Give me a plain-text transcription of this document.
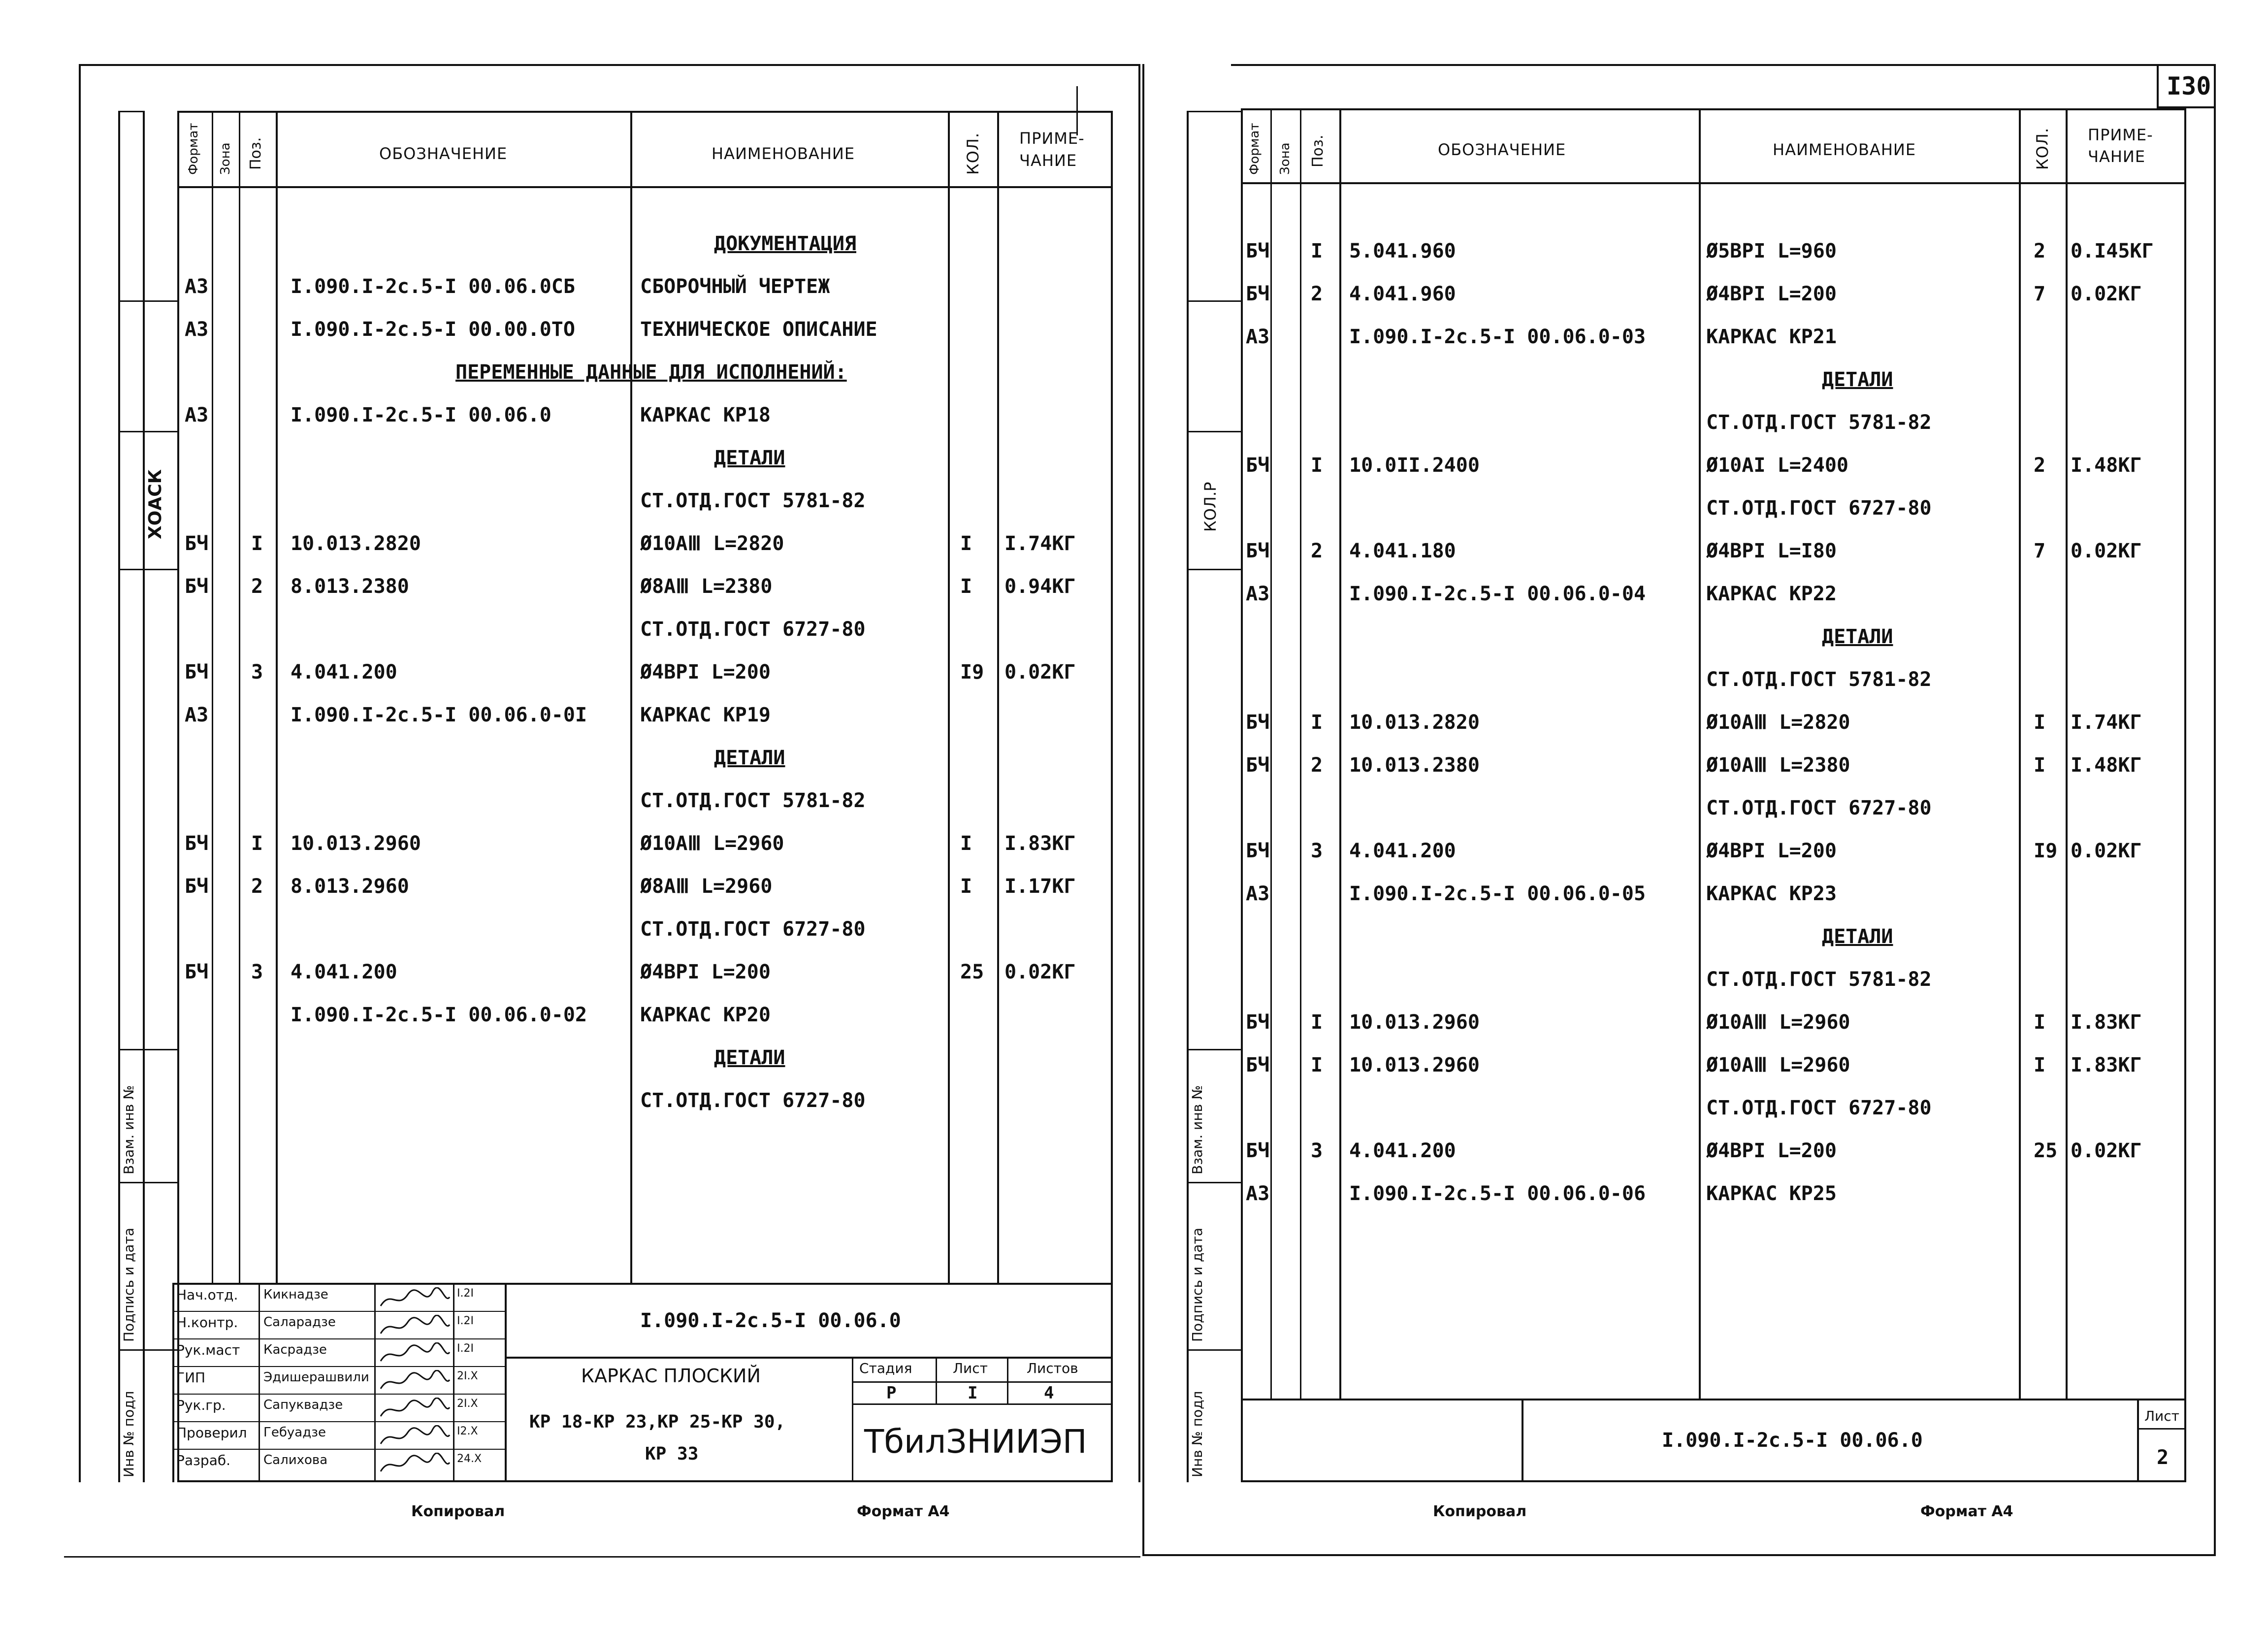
ХОАСК
Взам. инв №
Подпись и дата
Инв № подл
Формат Зона Поз.	ОБОЗНАЧЕНИЕ	НАИМЕНОВАНИЕ	КОЛ. ПРИМЕ-
ЧАНИЕ
ДОКУМЕНТАЦИЯ
А3	I.090.I-2c.5-I 00.06.0СБ	СБОРОЧНЫЙ ЧЕРТЕЖ
А3	I.090.I-2c.5-I 00.00.0ТО	ТЕХНИЧЕСКОЕ ОПИСАНИЕ
ПЕРЕМЕННЫЕ ДАННЫЕ ДЛЯ ИСПОЛНЕНИЙ:
А3	I.090.I-2c.5-I 00.06.0	КАРКАС КР18
ДЕТАЛИ
СТ.ОТД.ГОСТ 5781-82
БЧ I 10.013.2820	Ø10АⅢ L=2820	I I.74КГ
БЧ 2 8.013.2380	Ø8АⅢ L=2380	I 0.94КГ
СТ.ОТД.ГОСТ 6727-80
БЧ 3 4.041.200	Ø4ВРI L=200	I9 0.02КГ
А3	I.090.I-2c.5-I 00.06.0-0I	КАРКАС КР19
ДЕТАЛИ
СТ.ОТД.ГОСТ 5781-82
БЧ I 10.013.2960	Ø10АⅢ L=2960	I I.83КГ
БЧ 2 8.013.2960	Ø8АⅢ L=2960	I I.17КГ
СТ.ОТД.ГОСТ 6727-80
БЧ 3 4.041.200	Ø4ВРI L=200	25 0.02КГ
I.090.I-2c.5-I 00.06.0-02	КАРКАС КР20
ДЕТАЛИ
СТ.ОТД.ГОСТ 6727-80
Нач.отд. Кикнадзе	I.2I
Н.контр. Саларадзе	I.2I
Рук.маст Касрадзе	I.2I
ГИП	Эдишерашвили	2I.Х
Рук.гр.	Сапуквадзе	2I.Х
Проверил Гебуадзе	I2.Х
Разраб.	Салихова	24.Х
I.090.I-2c.5-I 00.06.0
КАРКАС ПЛОСКИЙ
КР 18-КР 23,КР 25-КР 30,
КР 33
Стадия	Лист	Листов
Р	I	4
ТбилЗНИИЭП
Копировал	Формат А4
I30
КОЛ.Р
Взам. инв №
Подпись и дата
Инв № подл
Формат Зона Поз.	ОБОЗНАЧЕНИЕ	НАИМЕНОВАНИЕ	КОЛ. ПРИМЕ-
ЧАНИЕ
БЧ I 5.041.960	Ø5ВРI L=960	2 0.I45КГ
БЧ 2 4.041.960	Ø4ВРI L=200	7 0.02КГ
А3	I.090.I-2c.5-I 00.06.0-03	КАРКАС КР21
ДЕТАЛИ
СТ.ОТД.ГОСТ 5781-82
БЧ I 10.0II.2400	Ø10АI L=2400	2 I.48КГ
СТ.ОТД.ГОСТ 6727-80
БЧ 2 4.041.180	Ø4ВРI L=I80	7 0.02КГ
А3	I.090.I-2c.5-I 00.06.0-04	КАРКАС КР22
ДЕТАЛИ
СТ.ОТД.ГОСТ 5781-82
БЧ I 10.013.2820	Ø10АⅢ L=2820	I I.74КГ
БЧ 2 10.013.2380	Ø10АⅢ L=2380	I I.48КГ
СТ.ОТД.ГОСТ 6727-80
БЧ 3 4.041.200	Ø4ВРI L=200	I9 0.02КГ
А3	I.090.I-2c.5-I 00.06.0-05	КАРКАС КР23
ДЕТАЛИ
СТ.ОТД.ГОСТ 5781-82
БЧ I 10.013.2960	Ø10АⅢ L=2960	I I.83КГ
БЧ I 10.013.2960	Ø10АⅢ L=2960	I I.83КГ
СТ.ОТД.ГОСТ 6727-80
БЧ 3 4.041.200	Ø4ВРI L=200	25 0.02КГ
А3	I.090.I-2c.5-I 00.06.0-06	КАРКАС КР25
I.090.I-2c.5-I 00.06.0
Лист
2
Копировал	Формат А4
